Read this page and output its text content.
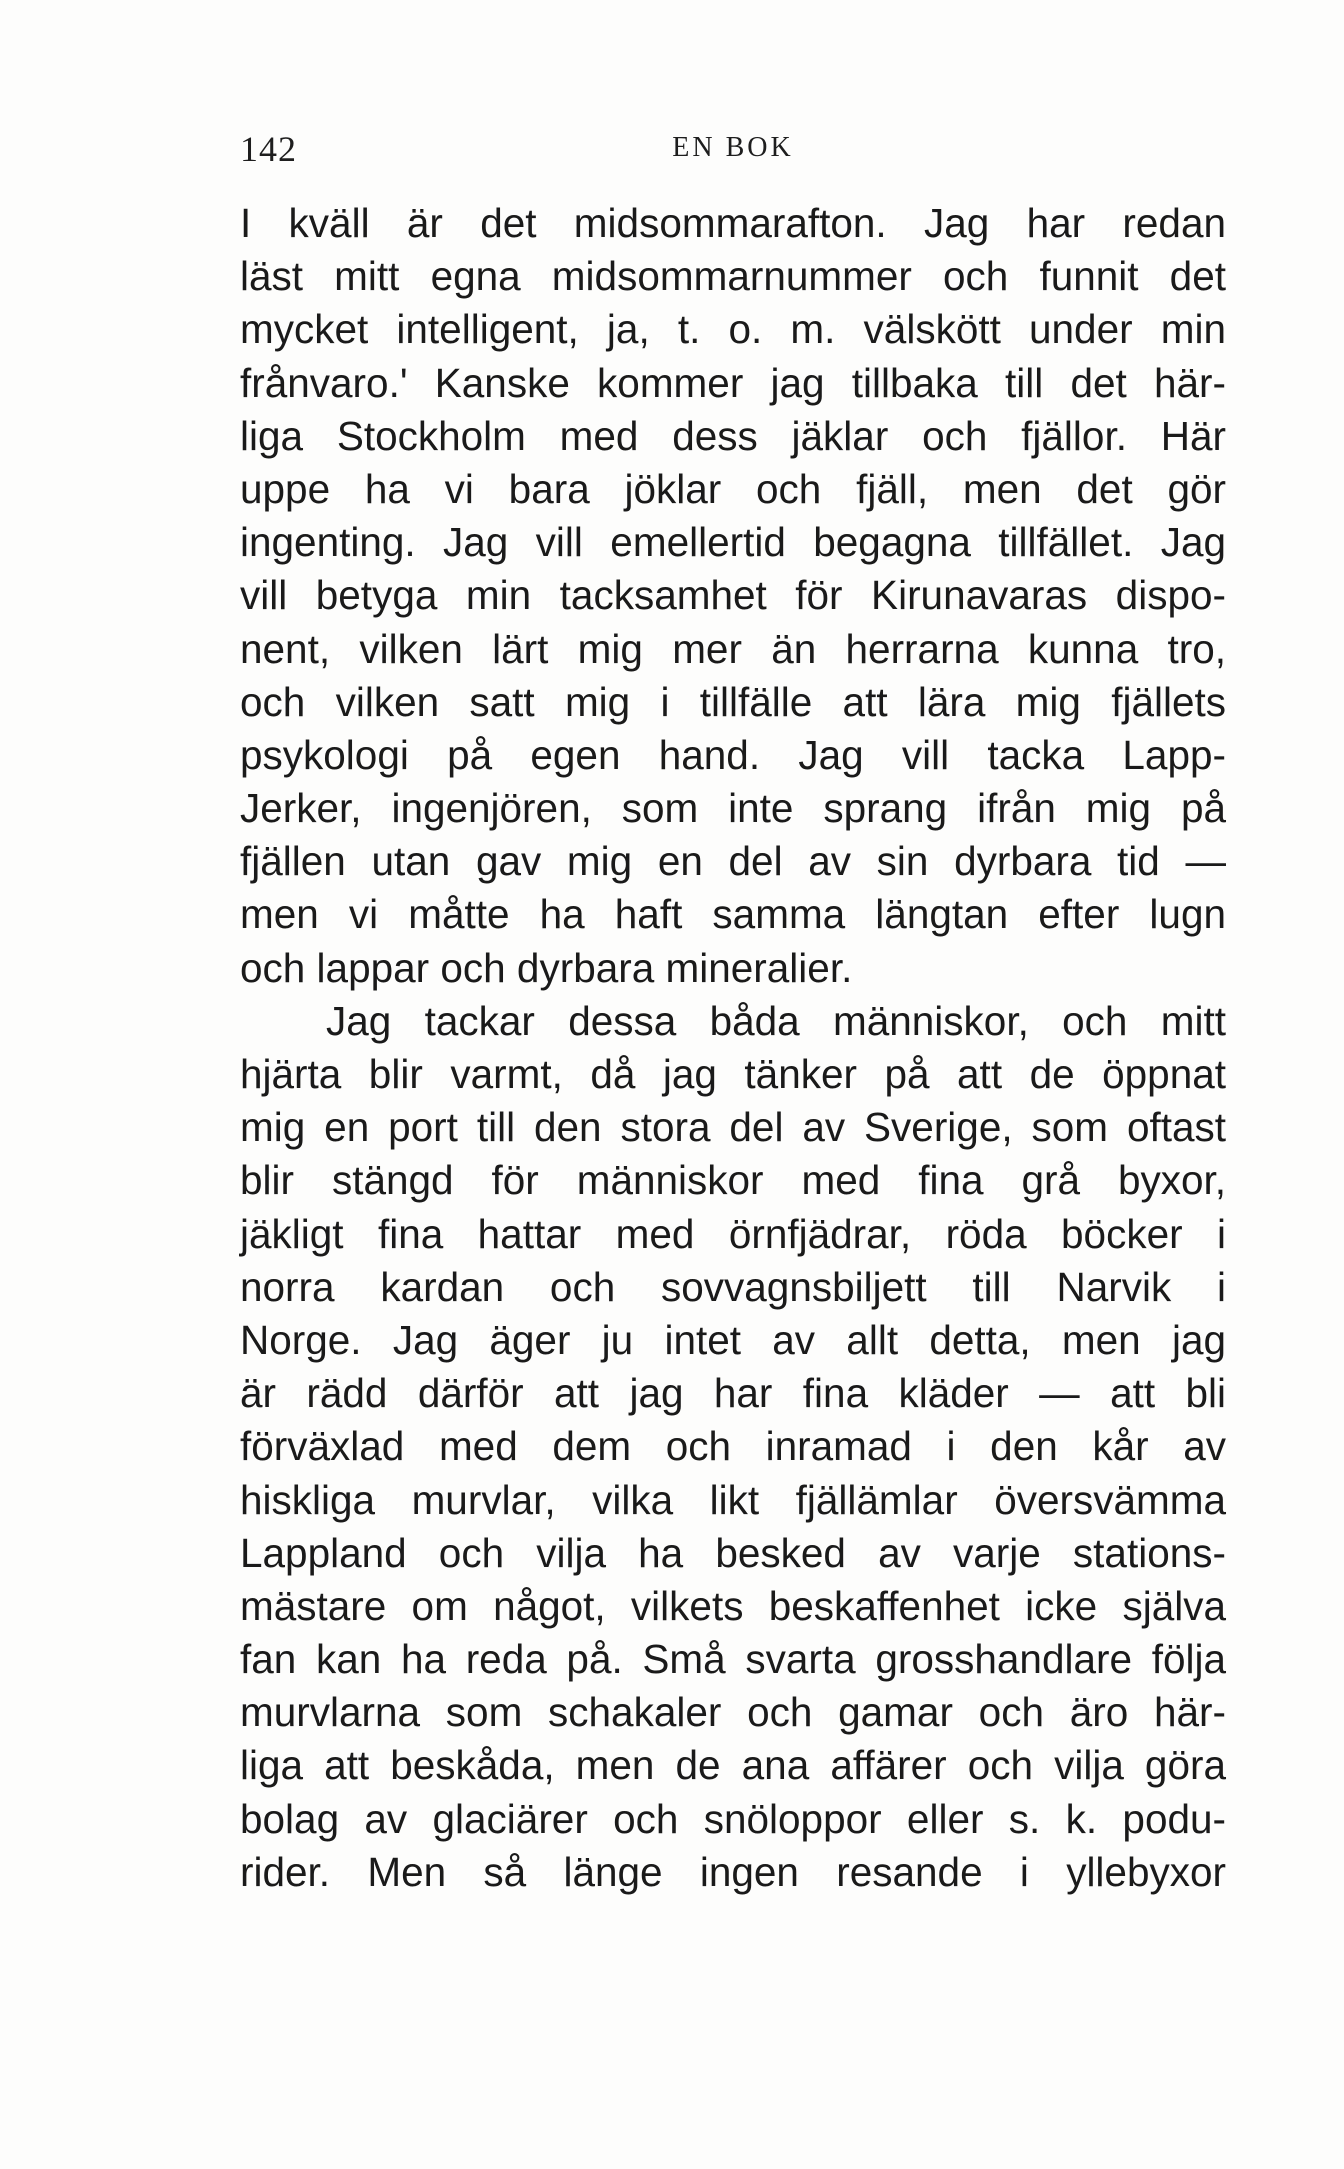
142	EN BOK
I kväll är det midsommarafton. Jag har redan
läst mitt egna midsommarnummer och funnit det
mycket intelligent, ja, t. o. m. välskött under min
frånvaro.' Kanske kommer jag tillbaka till det här-
liga Stockholm med dess jäklar och fjällor. Här
uppe ha vi bara jöklar och fjäll, men det gör
ingenting. Jag vill emellertid begagna tillfället. Jag
vill betyga min tacksamhet för Kirunavaras dispo-
nent, vilken lärt mig mer än herrarna kunna tro,
och vilken satt mig i tillfälle att lära mig fjällets
psykologi på egen hand. Jag vill tacka Lapp-
Jerker, ingenjören, som inte sprang ifrån mig på
fjällen utan gav mig en del av sin dyrbara tid —
men vi måtte ha haft samma längtan efter lugn
och lappar och dyrbara mineralier.
Jag tackar dessa båda människor, och mitt
hjärta blir varmt, då jag tänker på att de öppnat
mig en port till den stora del av Sverige, som oftast
blir stängd för människor med fina grå byxor,
jäkligt fina hattar med örnfjädrar, röda böcker i
norra kardan och sovvagnsbiljett till Narvik i
Norge. Jag äger ju intet av allt detta, men jag
är rädd därför att jag har fina kläder — att bli
förväxlad med dem och inramad i den kår av
hiskliga murvlar, vilka likt fjällämlar översvämma
Lappland och vilja ha besked av varje stations-
mästare om något, vilkets beskaffenhet icke själva
fan kan ha reda på. Små svarta grosshandlare följa
murvlarna som schakaler och gamar och äro här-
liga att beskåda, men de ana affärer och vilja göra
bolag av glaciärer och snöloppor eller s. k. podu-
rider. Men så länge ingen resande i yllebyxor
